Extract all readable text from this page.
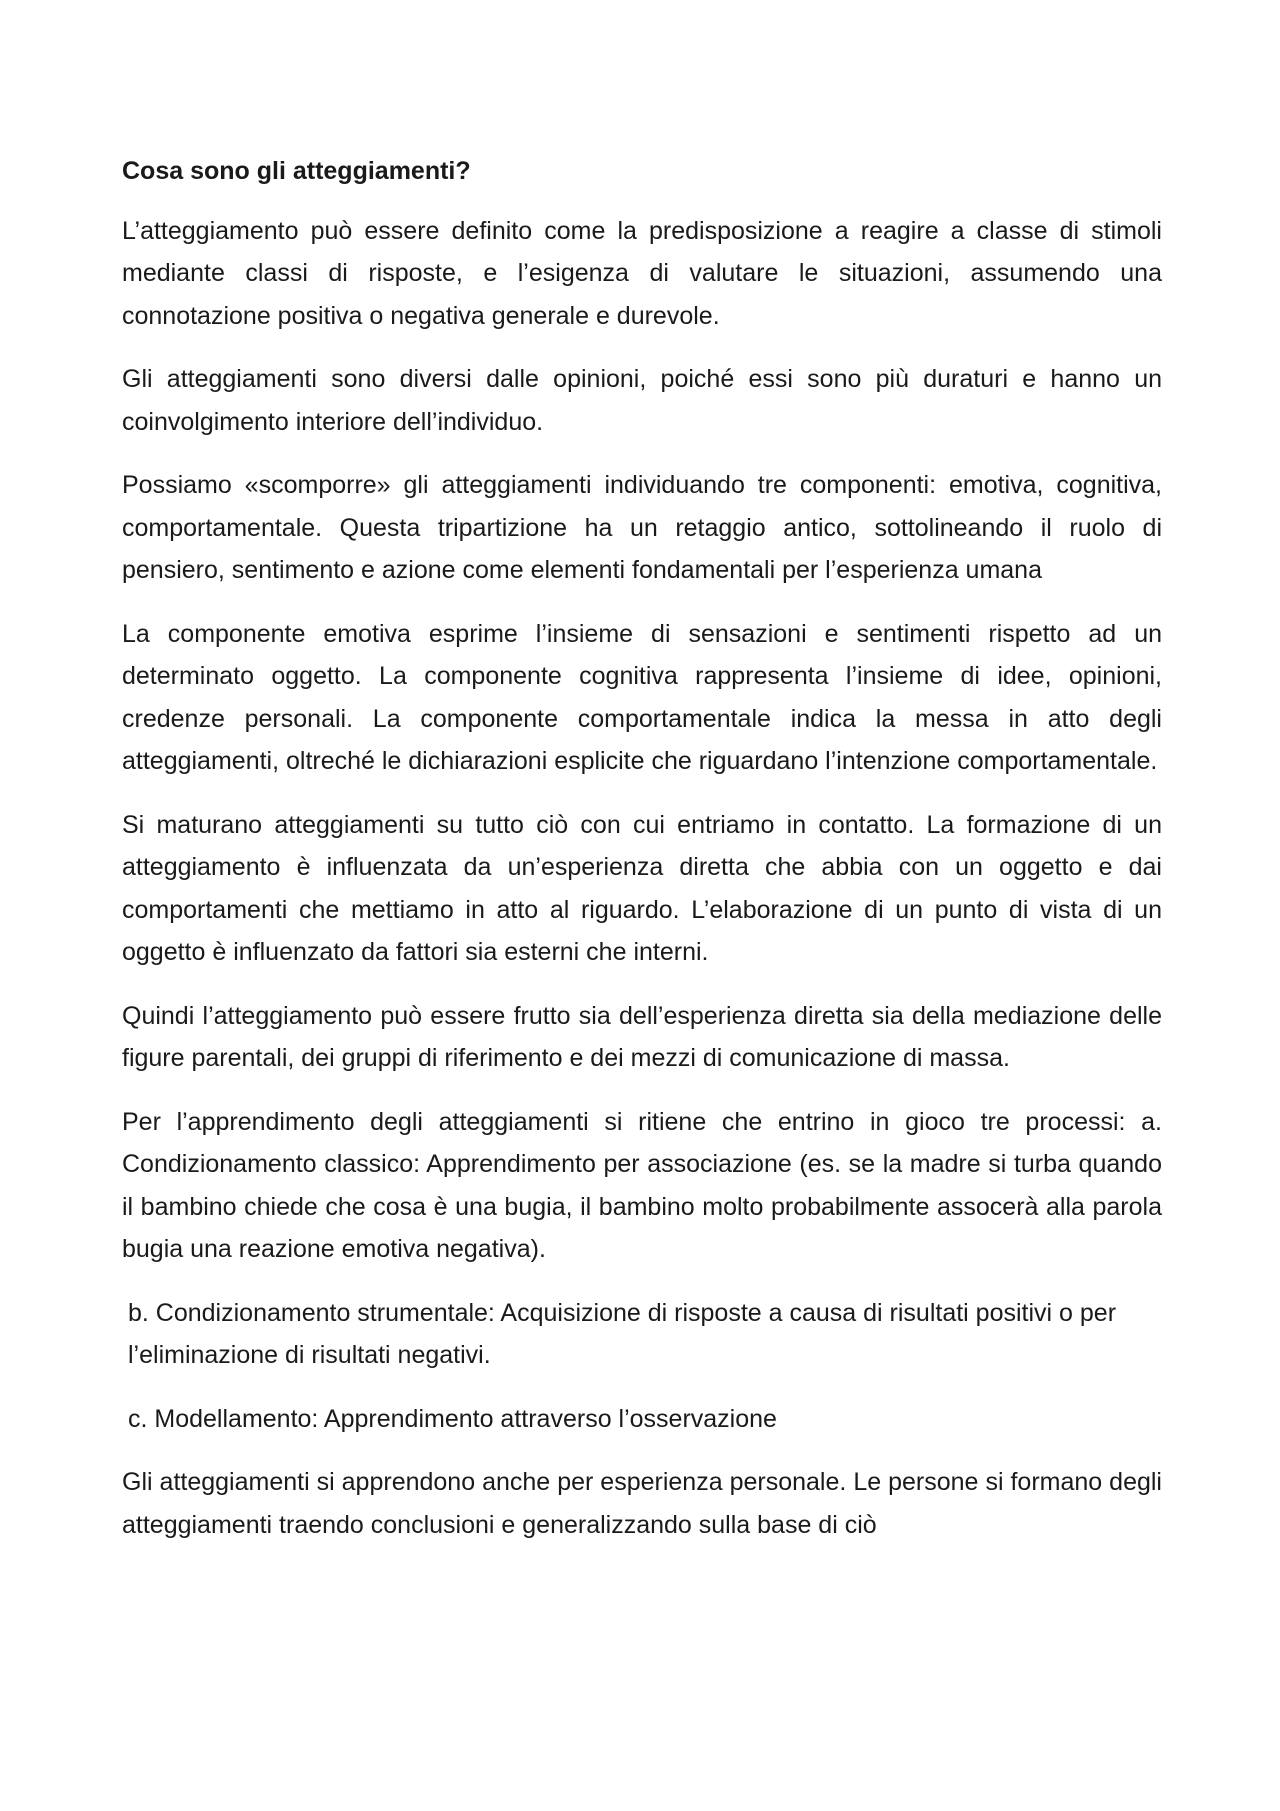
Cosa sono gli atteggiamenti?

L’atteggiamento può essere definito come la predisposizione a reagire a classe di stimoli mediante classi di risposte, e l’esigenza di valutare le situazioni, assumendo una connotazione positiva o negativa generale e durevole.

Gli atteggiamenti sono diversi dalle opinioni, poiché essi sono più duraturi e hanno un coinvolgimento interiore dell’individuo.

Possiamo «scomporre» gli atteggiamenti individuando tre componenti: emotiva, cognitiva, comportamentale. Questa tripartizione ha un retaggio antico, sottolineando il ruolo di pensiero, sentimento e azione come elementi fondamentali per l’esperienza umana

La componente emotiva esprime l’insieme di sensazioni e sentimenti rispetto ad un determinato oggetto. La componente cognitiva rappresenta l’insieme di idee, opinioni, credenze personali. La componente comportamentale indica la messa in atto degli atteggiamenti, oltreché le dichiarazioni esplicite che riguardano l’intenzione comportamentale.

Si maturano atteggiamenti su tutto ciò con cui entriamo in contatto. La formazione di un atteggiamento è influenzata da un’esperienza diretta che abbia con un oggetto e dai comportamenti che mettiamo in atto al riguardo. L’elaborazione di un punto di vista di un oggetto è influenzato da fattori sia esterni che interni.

Quindi l’atteggiamento può essere frutto sia dell’esperienza diretta sia della mediazione delle figure parentali, dei gruppi di riferimento e dei mezzi di comunicazione di massa.

Per l’apprendimento degli atteggiamenti si ritiene che entrino in gioco tre processi: a. Condizionamento classico: Apprendimento per associazione (es. se la madre si turba quando il bambino chiede che cosa è una bugia, il bambino molto probabilmente assocerà alla parola bugia una reazione emotiva negativa).

b. Condizionamento strumentale: Acquisizione di risposte a causa di risultati positivi o per l’eliminazione di risultati negativi.

c. Modellamento: Apprendimento attraverso l’osservazione

Gli atteggiamenti si apprendono anche per esperienza personale. Le persone si formano degli atteggiamenti traendo conclusioni e generalizzando sulla base di ciò
